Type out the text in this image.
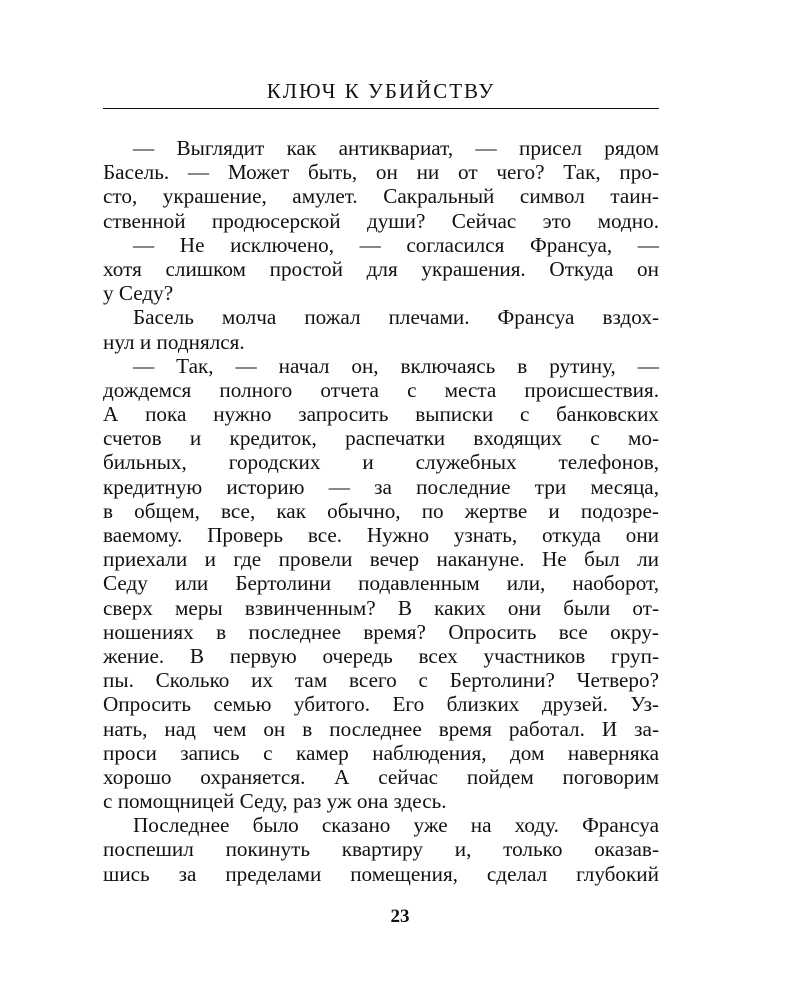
КЛЮЧ К УБИЙСТВУ
— Выглядит как антиквариат, — присел рядом
Басель. — Может быть, он ни от чего? Так, про-
сто, украшение, амулет. Сакральный символ таин-
ственной продюсерской души? Сейчас это модно.
— Не исключено, — согласился Франсуа, —
хотя слишком простой для украшения. Откуда он
у Седу?
Басель молча пожал плечами. Франсуа вздох-
нул и поднялся.
— Так, — начал он, включаясь в рутину, —
дождемся полного отчета с места происшествия.
А пока нужно запросить выписки с банковских
счетов и кредиток, распечатки входящих с мо-
бильных, городских и служебных телефонов,
кредитную историю — за последние три месяца,
в общем, все, как обычно, по жертве и подозре-
ваемому. Проверь все. Нужно узнать, откуда они
приехали и где провели вечер накануне. Не был ли
Седу или Бертолини подавленным или, наоборот,
сверх меры взвинченным? В каких они были от-
ношениях в последнее время? Опросить все окру-
жение. В первую очередь всех участников груп-
пы. Сколько их там всего с Бертолини? Четверо?
Опросить семью убитого. Его близких друзей. Уз-
нать, над чем он в последнее время работал. И за-
проси запись с камер наблюдения, дом наверняка
хорошо охраняется. А сейчас пойдем поговорим
с помощницей Седу, раз уж она здесь.
Последнее было сказано уже на ходу. Франсуа
поспешил покинуть квартиру и, только оказав-
шись за пределами помещения, сделал глубокий
23
